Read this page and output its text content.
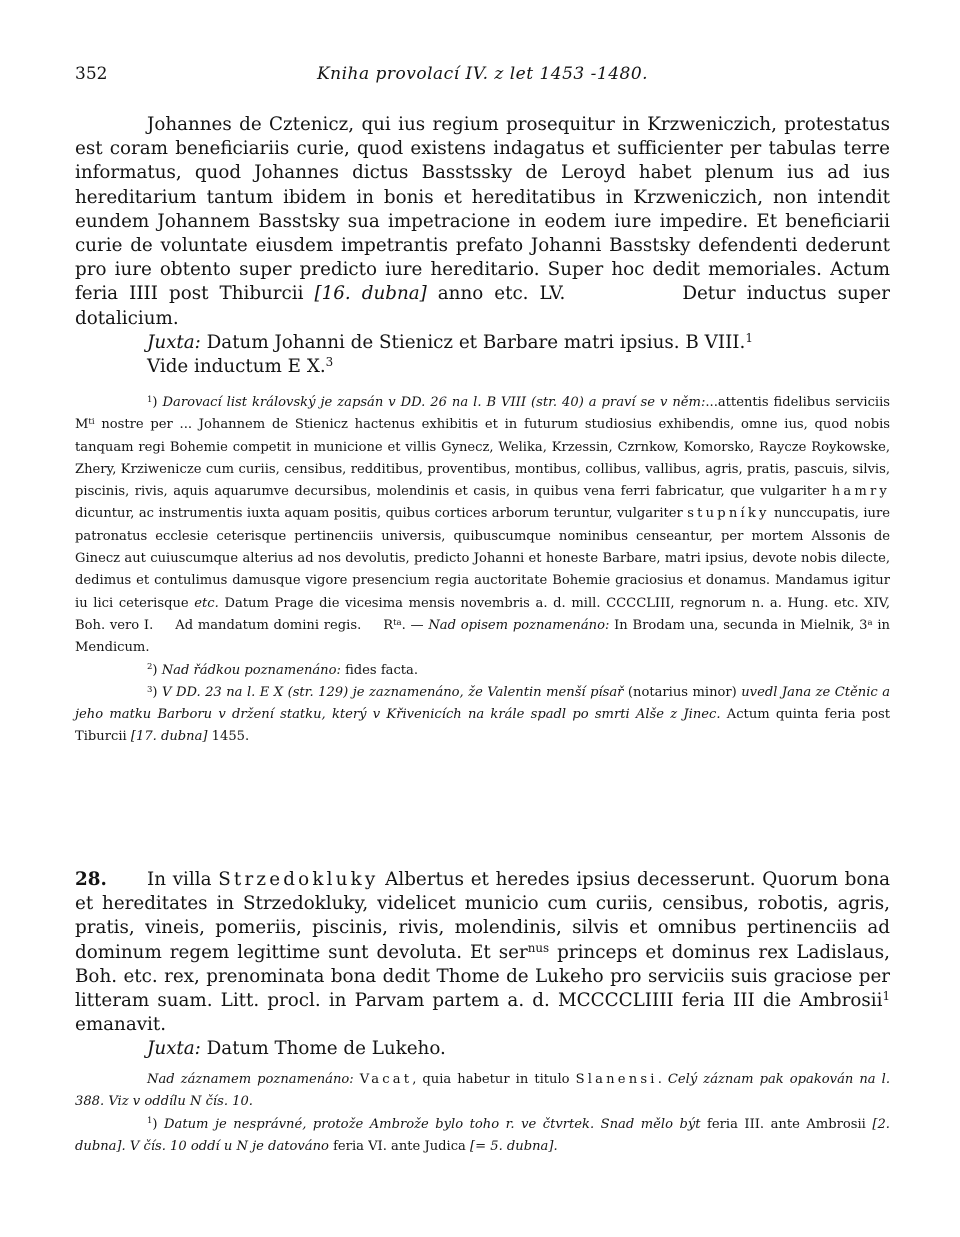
352	Kniha provolací IV. z let 1453 -1480.

Johannes de Cztenicz, qui ius regium prosequitur in Krzweniczich, protestatus est coram beneficiariis curie, quod existens indagatus et sufficienter per tabulas terre informatus, quod Johannes dictus Basstssky de Leroyd habet plenum ius ad ius hereditarium tantum ibidem in bonis et hereditatibus in Krzweniczich, non intendit eundem Johannem Basstsky sua impetracione in eodem iure impedire. Et beneficiarii curie de voluntate eiusdem impetrantis prefato Johanni Basstsky defendenti dederunt pro iure obtento super predicto iure hereditario. Super hoc dedit memoriales. Actum feria IIII post Thiburcii [16. dubna] anno etc. LV.	Detur inductus super dotalicium.

Juxta: Datum Johanni de Stienicz et Barbare matri ipsius. B VIII.$^1$

Vide inductum E X.$^3$

$^1$) Darovací list královský je zapsán v DD. 26 na l. B VIII (str. 40) a praví se v něm:...attentis fidelibus serviciis $M^{ti}$ nostre per ... Johannem de Stienicz hactenus exhibitis et in futurum studiosius exhibendis, omne ius, quod nobis tanquam regi Bohemie competit in municione et villis Gynecz, Welika, Krzessin, Czrnkow, Komorsko, Raycze Roykowske, Zhery, Krziwenicze cum curiis, censibus, redditibus, proventibus, montibus, collibus, vallibus, agris, pratis, pascuis, silvis, piscinis, rivis, aquis aquarumve decursibus, molendinis et casis, in quibus vena ferri fabricatur, que vulgariter hamry dicuntur, ac instrumentis iuxta aquam positis, quibus cortices arborum teruntur, vulgariter stupníky nunccupatis, iure patronatus ecclesie ceterisque pertinenciis universis, quibuscumque nominibus censeantur, per mortem Alssonis de Ginecz aut cuiuscumque alterius ad nos devolutis, predicto Johanni et honeste Barbare, matri ipsius, devote nobis dilecte, dedimus et contulimus damusque vigore presencium regia auctoritate Bohemie graciosius et donamus. Mandamus igitur iu lici ceterisque etc. Datum Prage die vicesima mensis novembris a. d. mill. CCCCLIII, regnorum n. a. Hung. etc. XIV, Boh. vero I. Ad mandatum domini regis. $R^{ta}$. — Nad opisem poznamenáno: In Brodam una, secunda in Mielnik, 3$^a$ in Mendicum.

$^2$) Nad řádkou poznamenáno: fides facta.

$^3$) V DD. 23 na l. E X (str. 129) je zaznamenáno, že Valentin menší písař (notarius minor) uvedl Jana ze Ctěnic a jeho matku Barboru v držení statku, který v Křivenicích na krále spadl po smrti Alše z Jinec. Actum quinta feria post Tiburcii [17. dubna] 1455.

28. In villa Strzedokluky Albertus et heredes ipsius decesserunt. Quorum bona et hereditates in Strzedokluky, videlicet municio cum curiis, censibus, robotis, agris, pratis, vineis, pomeriis, piscinis, rivis, molendinis, silvis et omnibus pertinenciis ad dominum regem legittime sunt devoluta. Et ser$^{nus}$ princeps et dominus rex Ladislaus, Boh. etc. rex, prenominata bona dedit Thome de Lukeho pro serviciis suis graciose per litteram suam. Litt. procl. in Parvam partem a. d. MCCCCLIIII feria III die Ambrosii$^1$ emanavit.

Juxta: Datum Thome de Lukeho.

Nad záznamem poznamenáno: Vacat, quia habetur in titulo Slanensi. Celý záznam pak opakován na l. 388. Viz v oddílu N čís. 10.

$^1$) Datum je nesprávné, protože Ambrože bylo toho r. ve čtvrtek. Snad mělo být feria III. ante Ambrosii [2. dubna]. V čís. 10 oddí u N je datováno feria VI. ante Judica [= 5. dubna].
